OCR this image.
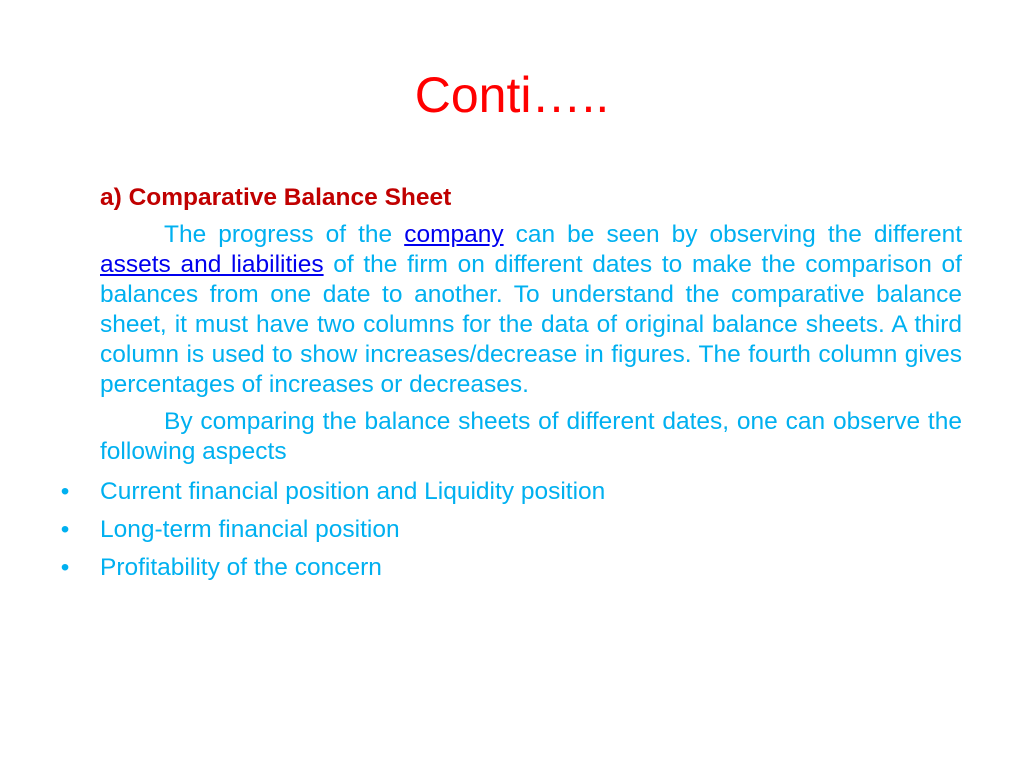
Conti…..

a) Comparative Balance Sheet

The progress of the company can be seen by observing the different assets and liabilities of the firm on different dates to make the comparison of balances from one date to another. To understand the comparative balance sheet, it must have two columns for the data of original balance sheets. A third column is used to show increases/decrease in figures. The fourth column gives percentages of increases or decreases.

By comparing the balance sheets of different dates, one can observe the following aspects

• Current financial position and Liquidity position
• Long-term financial position
• Profitability of the concern
